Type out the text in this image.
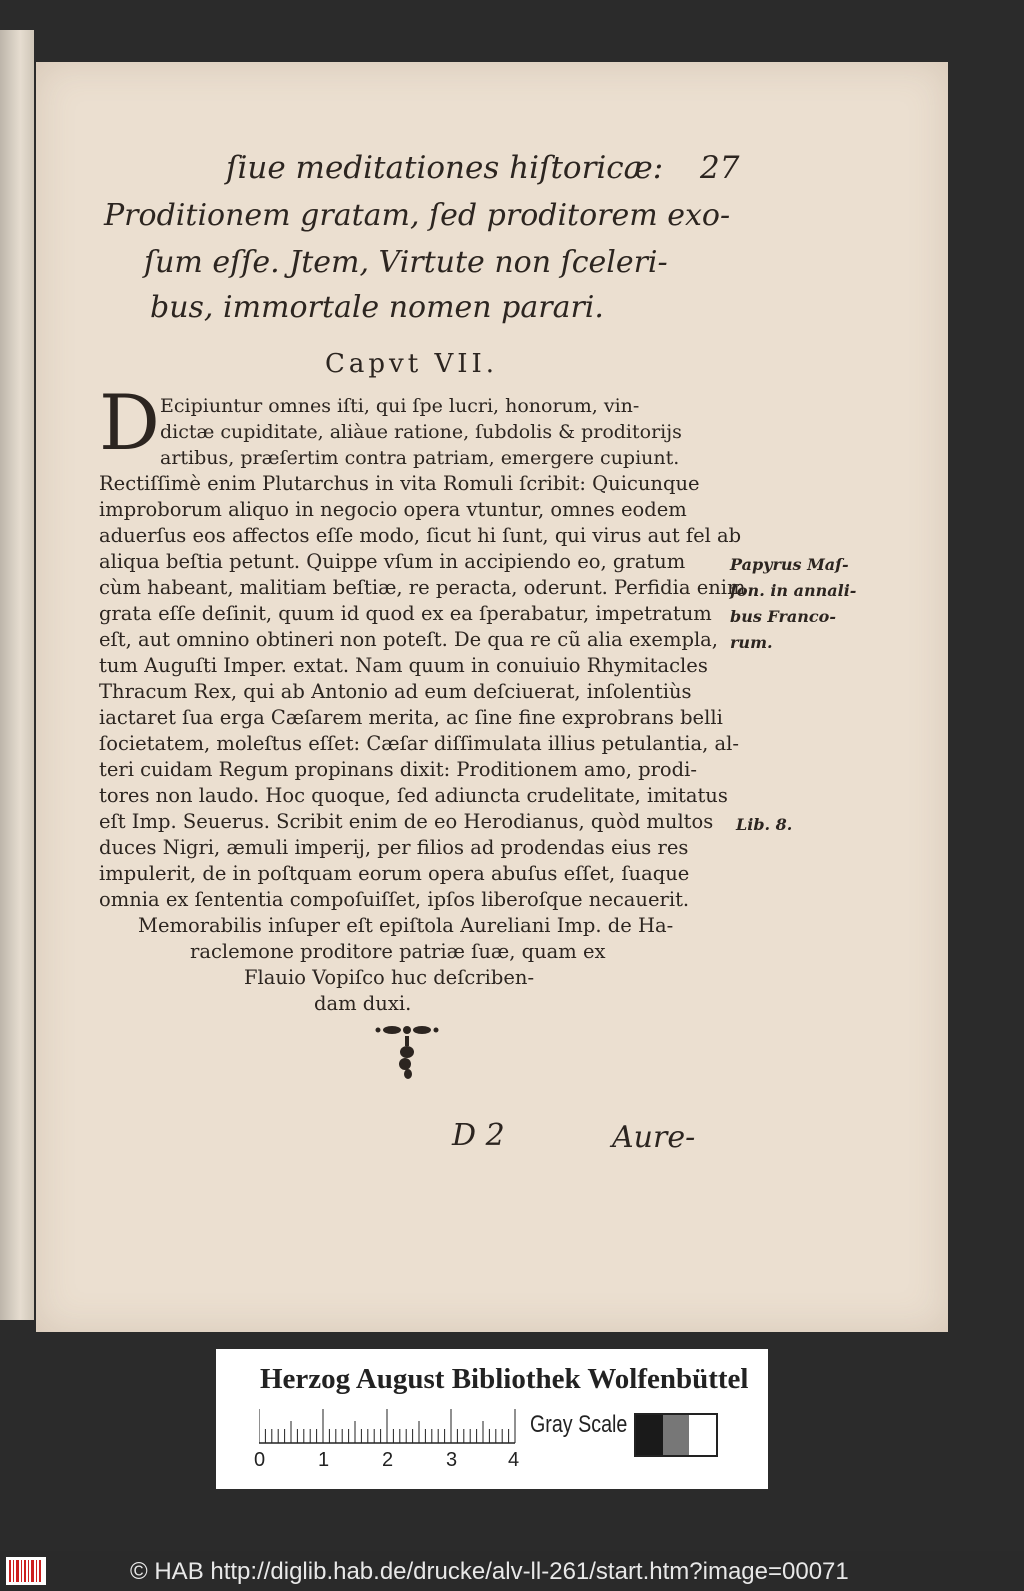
ſiue meditationes hiſtoricæ: 27
Proditionem gratam, ſed proditorem exo-
ſum eſſe. Jtem, Virtute non ſceleri-
bus, immortale nomen parari.
Capvt VII.
D Ecipiuntur omnes iſti, qui ſpe lucri, honorum, vin-
dictæ cupiditate, aliàue ratione, ſubdolis & proditorijs
artibus, præſertim contra patriam, emergere cupiunt.
Rectiſſimè enim Plutarchus in vita Romuli ſcribit: Quicunque
improborum aliquo in negocio opera vtuntur, omnes eodem
aduerſus eos affectos eſſe modo, ſicut hi ſunt, qui virus aut fel ab
aliqua beſtia petunt. Quippe vſum in accipiendo eo, gratum
cùm habeant, malitiam beſtiæ, re peracta, oderunt. Perfidia enim
grata eſſe deſinit, quum id quod ex ea ſperabatur, impetratum
eſt, aut omnino obtineri non poteſt. De qua re cũ alia exempla,
tum Auguſti Imper. extat. Nam quum in conuiuio Rhymitacles
Thracum Rex, qui ab Antonio ad eum deſciuerat, inſolentiùs
iactaret ſua erga Cæſarem merita, ac ſine fine exprobrans belli
ſocietatem, moleſtus eſſet: Cæſar diſſimulata illius petulantia, al-
teri cuidam Regum propinans dixit: Proditionem amo, prodi-
tores non laudo. Hoc quoque, ſed adiuncta crudelitate, imitatus
eſt Imp. Seuerus. Scribit enim de eo Herodianus, quòd multos
duces Nigri, æmuli imperij, per filios ad prodendas eius res
impulerit, de in poſtquam eorum opera abuſus eſſet, ſuaque
omnia ex ſententia compoſuiſſet, ipſos liberoſque necauerit.
Memorabilis inſuper eſt epiſtola Aureliani Imp. de Ha-
raclemone proditore patriæ ſuæ, quam ex
Flauio Vopiſco huc deſcriben-
dam duxi.
Papyrus Maſ-
ſon. in annali-
bus Franco-
rum.
Lib. 8.
D 2	Aure-
Herzog August Bibliothek Wolfenbüttel
0	1	2	3	4
Gray Scale
© HAB http://diglib.hab.de/drucke/alv-ll-261/start.htm?image=00071
